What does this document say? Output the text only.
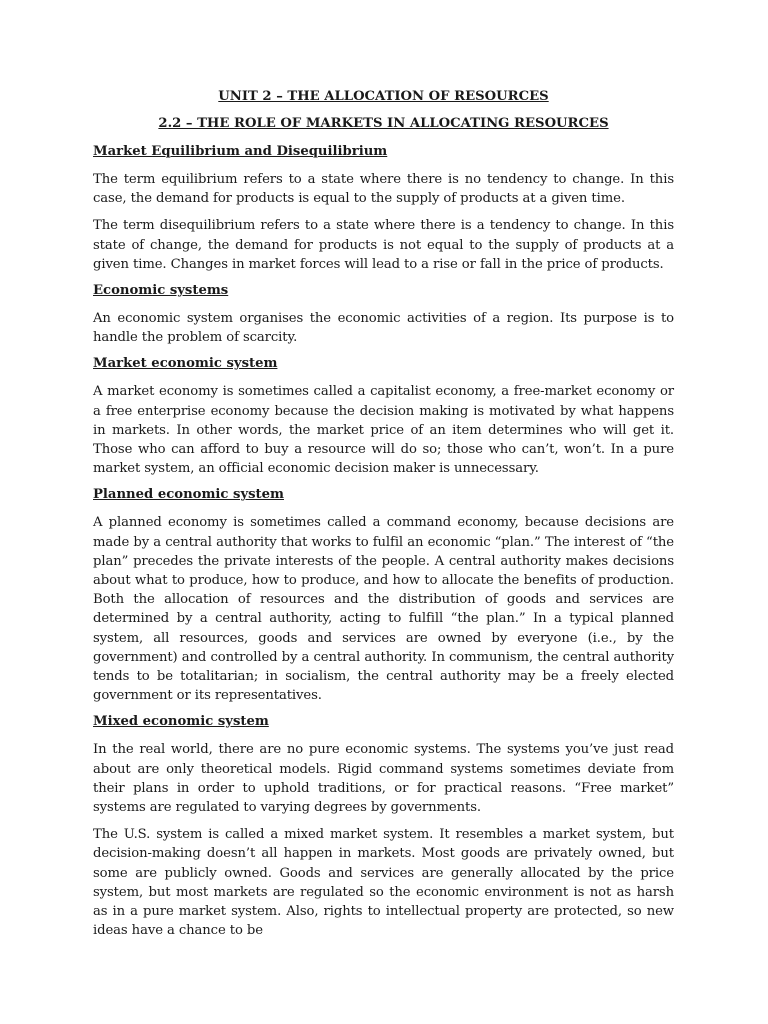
UNIT 2 – THE ALLOCATION OF RESOURCES
2.2 – THE ROLE OF MARKETS IN ALLOCATING RESOURCES
Market Equilibrium and Disequilibrium

The term equilibrium refers to a state where there is no tendency to change. In this case, the demand for products is equal to the supply of products at a given time.

The term disequilibrium refers to a state where there is a tendency to change. In this state of change, the demand for products is not equal to the supply of products at a given time. Changes in market forces will lead to a rise or fall in the price of products.

Economic systems

An economic system organises the economic activities of a region. Its purpose is to handle the problem of scarcity.

Market economic system

A market economy is sometimes called a capitalist economy, a free-market economy or a free enterprise economy because the decision making is motivated by what happens in markets. In other words, the market price of an item determines who will get it. Those who can afford to buy a resource will do so; those who can’t, won’t. In a pure market system, an official economic decision maker is unnecessary.

Planned economic system

A planned economy is sometimes called a command economy, because decisions are made by a central authority that works to fulfil an economic “plan.” The interest of “the plan” precedes the private interests of the people. A central authority makes decisions about what to produce, how to produce, and how to allocate the benefits of production. Both the allocation of resources and the distribution of goods and services are determined by a central authority, acting to fulfill “the plan.” In a typical planned system, all resources, goods and services are owned by everyone (i.e., by the government) and controlled by a central authority. In communism, the central authority tends to be totalitarian; in socialism, the central authority may be a freely elected government or its representatives.

Mixed economic system

In the real world, there are no pure economic systems. The systems you’ve just read about are only theoretical models. Rigid command systems sometimes deviate from their plans in order to uphold traditions, or for practical reasons. “Free market” systems are regulated to varying degrees by governments.

The U.S. system is called a mixed market system. It resembles a market system, but decision-making doesn’t all happen in markets. Most goods are privately owned, but some are publicly owned. Goods and services are generally allocated by the price system, but most markets are regulated so the economic environment is not as harsh as in a pure market system. Also, rights to intellectual property are protected, so new ideas have a chance to be
